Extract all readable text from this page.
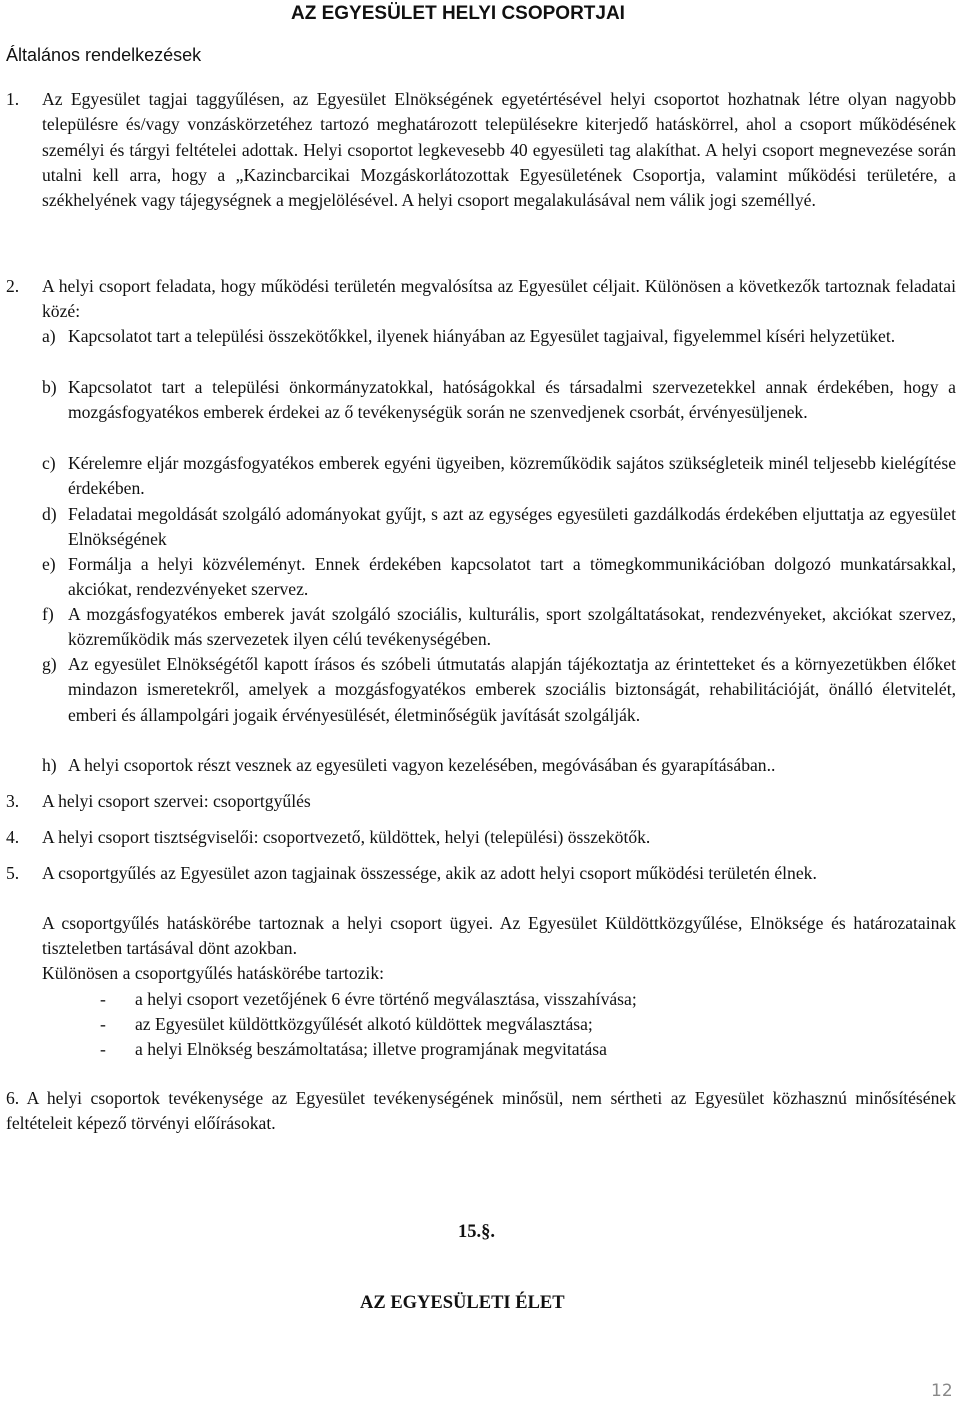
AZ EGYESÜLET HELYI CSOPORTJAI
Általános rendelkezések
1. Az Egyesület tagjai taggyűlésen, az Egyesület Elnökségének egyetértésével helyi csoportot hozhatnak létre olyan nagyobb településre és/vagy vonzáskörzetéhez tartozó meghatározott településekre kiterjedő hatáskörrel, ahol a csoport működésének személyi és tárgyi feltételei adottak. Helyi csoportot legkevesebb 40 egyesületi tag alakíthat. A helyi csoport megnevezése során utalni kell arra, hogy a „Kazincbarcikai Mozgáskorlátozottak Egyesületének Csoportja, valamint működési területére, a székhelyének vagy tájegységnek a megjelölésével. A helyi csoport megalakulásával nem válik jogi személlyé.
2. A helyi csoport feladata, hogy működési területén megvalósítsa az Egyesület céljait. Különösen a következők tartoznak feladatai közé:
a) Kapcsolatot tart a települési összekötőkkel, ilyenek hiányában az Egyesület tagjaival, figyelemmel kíséri helyzetüket.
b) Kapcsolatot tart a települési önkormányzatokkal, hatóságokkal és társadalmi szervezetekkel annak érdekében, hogy a mozgásfogyatékos emberek érdekei az ő tevékenységük során ne szenvedjenek csorbát, érvényesüljenek.
c) Kérelemre eljár mozgásfogyatékos emberek egyéni ügyeiben, közreműködik sajátos szükségleteik minél teljesebb kielégítése érdekében.
d) Feladatai megoldását szolgáló adományokat gyűjt, s azt az egységes egyesületi gazdálkodás érdekében eljuttatja az egyesület Elnökségének
e) Formálja a helyi közvéleményt. Ennek érdekében kapcsolatot tart a tömegkommunikációban dolgozó munkatársakkal, akciókat, rendezvényeket szervez.
f) A mozgásfogyatékos emberek javát szolgáló szociális, kulturális, sport szolgáltatásokat, rendezvényeket, akciókat szervez, közreműködik más szervezetek ilyen célú tevékenységében.
g) Az egyesület Elnökségétől kapott írásos és szóbeli útmutatás alapján tájékoztatja az érintetteket és a környezetükben élőket mindazon ismeretekről, amelyek a mozgásfogyatékos emberek szociális biztonságát, rehabilitációját, önálló életvitelét, emberi és állampolgári jogaik érvényesülését, életminőségük javítását szolgálják.
h) A helyi csoportok részt vesznek az egyesületi vagyon kezelésében, megóvásában és gyarapításában..
3. A helyi csoport szervei: csoportgyűlés
4. A helyi csoport tisztségviselői: csoportvezető, küldöttek, helyi (települési) összekötők.
5. A csoportgyűlés az Egyesület azon tagjainak összessége, akik az adott helyi csoport működési területén élnek.
A csoportgyűlés hatáskörébe tartoznak a helyi csoport ügyei. Az Egyesület Küldöttközgyűlése, Elnöksége és határozatainak tiszteletben tartásával dönt azokban.
Különösen a csoportgyűlés hatáskörébe tartozik:
- a helyi csoport vezetőjének 6 évre történő megválasztása, visszahívása;
- az Egyesület küldöttközgyűlését alkotó küldöttek megválasztása;
- a helyi Elnökség beszámoltatása; illetve programjának megvitatása
6. A helyi csoportok tevékenysége az Egyesület tevékenységének minősül, nem sértheti az Egyesület közhasznú minősítésének feltételeit képező törvényi előírásokat.
15.§.
AZ EGYESÜLETI ÉLET
12
